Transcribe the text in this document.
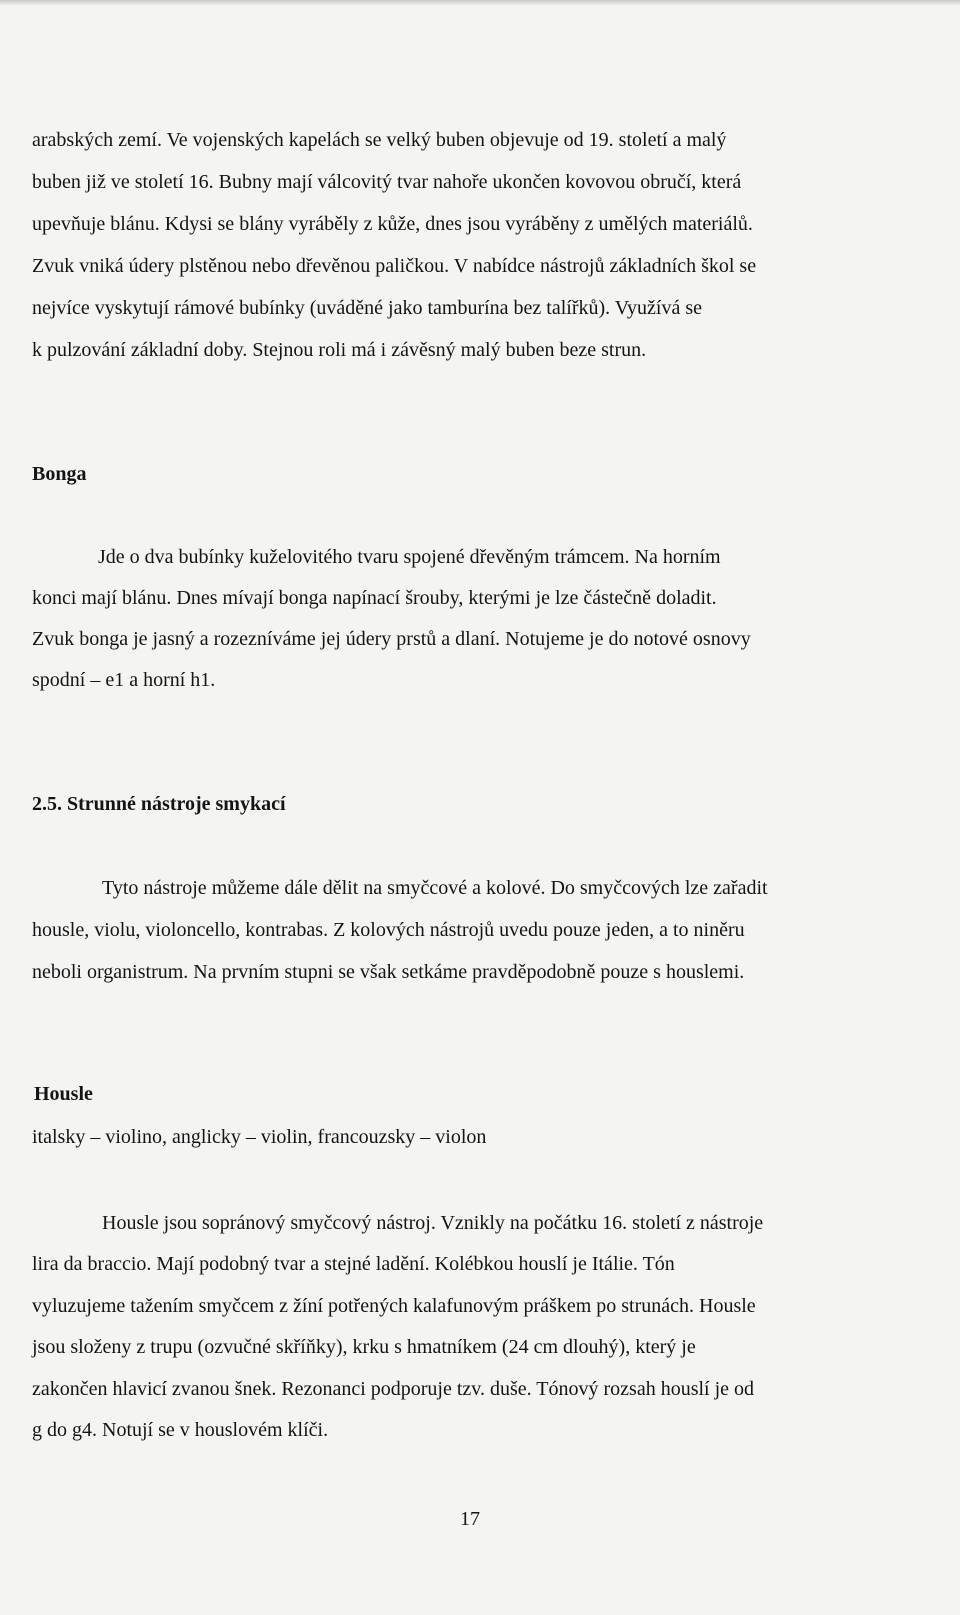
arabských zemí. Ve vojenských kapelách se velký buben objevuje od 19. století a malý
buben již ve století 16. Bubny mají válcovitý tvar nahoře ukončen kovovou obručí, která
upevňuje blánu. Kdysi se blány vyráběly z kůže, dnes jsou vyráběny z umělých materiálů.
Zvuk vniká údery plstěnou nebo dřevěnou paličkou. V nabídce nástrojů základních škol se
nejvíce vyskytují rámové bubínky (uváděné jako tamburína bez talířků). Využívá se
k pulzování základní doby. Stejnou roli má i závěsný malý buben beze strun.
Bonga
Jde o dva bubínky kuželovitého tvaru spojené dřevěným trámcem. Na horním
konci mají blánu. Dnes mívají bonga napínací šrouby, kterými je lze částečně doladit.
Zvuk bonga je jasný a rozezníváme jej údery prstů a dlaní. Notujeme je do notové osnovy
spodní – e1 a horní h1.
2.5. Strunné nástroje smykací
Tyto nástroje můžeme dále dělit na smyčcové a kolové. Do smyčcových lze zařadit
housle, violu, violoncello, kontrabas. Z kolových nástrojů uvedu pouze jeden, a to niněru
neboli organistrum. Na prvním stupni se však setkáme pravděpodobně pouze s houslemi.
Housle
italsky – violino, anglicky – violin, francouzsky – violon
Housle jsou sopránový smyčcový nástroj. Vznikly na počátku 16. století z nástroje
lira da braccio. Mají podobný tvar a stejné ladění. Kolébkou houslí je Itálie. Tón
vyluzujeme tažením smyčcem z žíní potřených kalafunovým práškem po strunách. Housle
jsou složeny z trupu (ozvučné skříňky), krku s hmatníkem (24 cm dlouhý), který je
zakončen hlavicí zvanou šnek. Rezonanci podporuje tzv. duše. Tónový rozsah houslí je od
g do g4. Notují se v houslovém klíči.
17
